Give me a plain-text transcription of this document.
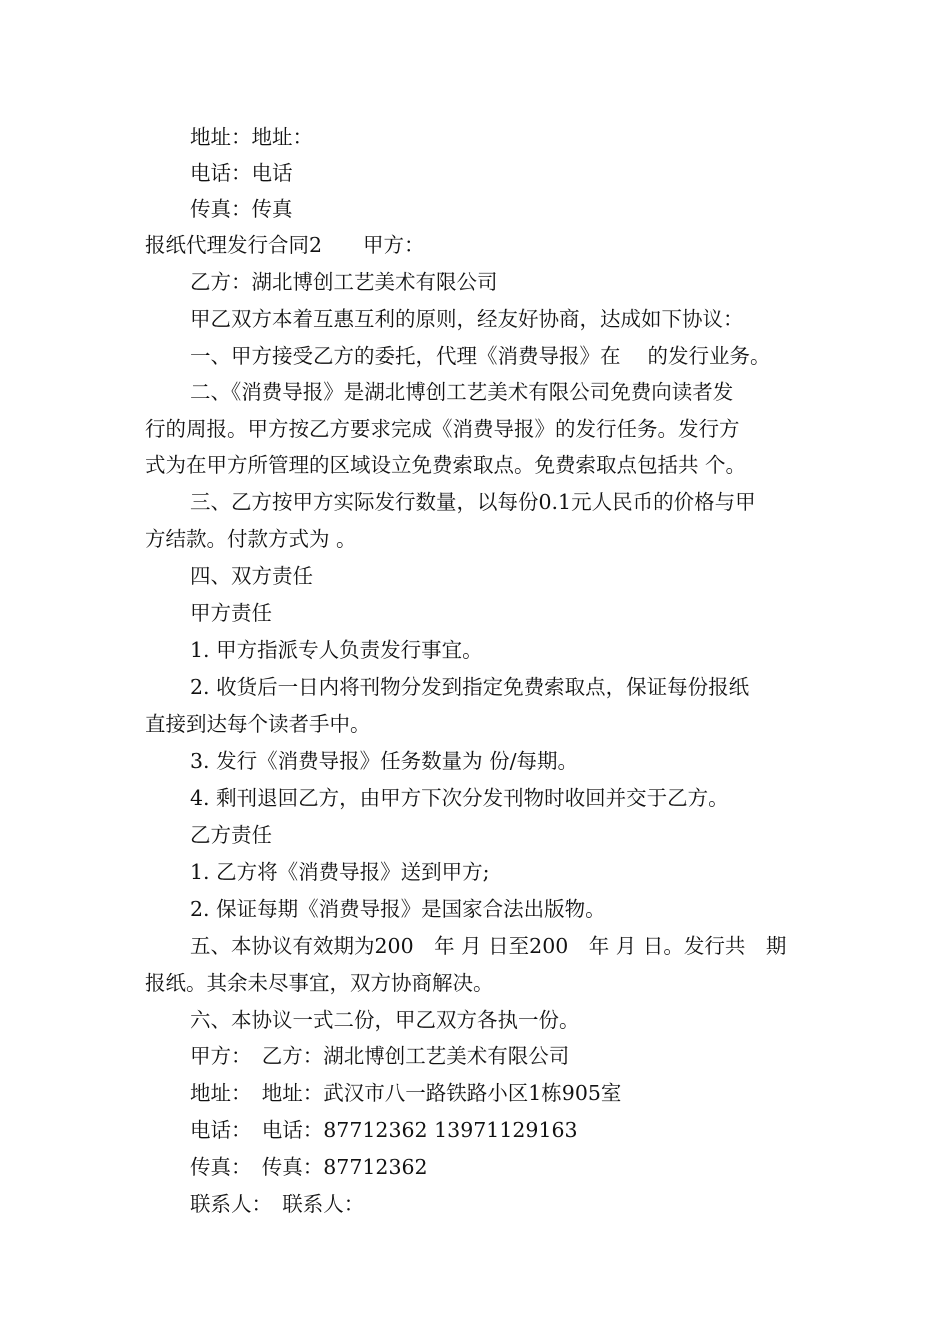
地址：地址：
电话：电话
传真：传真
报纸代理发行合同2　　甲方：
乙方：湖北博创工艺美术有限公司
甲乙双方本着互惠互利的原则，经友好协商，达成如下协议：
一、甲方接受乙方的委托，代理《消费导报》在　 的发行业务。
二、《消费导报》是湖北博创工艺美术有限公司免费向读者发
行的周报。甲方按乙方要求完成《消费导报》的发行任务。发行方
式为在甲方所管理的区域设立免费索取点。免费索取点包括共 个。
三、乙方按甲方实际发行数量，以每份0.1元人民币的价格与甲
方结款。付款方式为 。
四、双方责任
甲方责任
1. 甲方指派专人负责发行事宜。
2. 收货后一日内将刊物分发到指定免费索取点，保证每份报纸
直接到达每个读者手中。
3. 发行《消费导报》任务数量为 份/每期。
4. 剩刊退回乙方，由甲方下次分发刊物时收回并交于乙方。
乙方责任
1. 乙方将《消费导报》送到甲方;
2. 保证每期《消费导报》是国家合法出版物。
五、本协议有效期为200　年 月 日至200　年 月 日。发行共　期
报纸。其余未尽事宜，双方协商解决。
六、本协议一式二份，甲乙双方各执一份。
甲方：　乙方：湖北博创工艺美术有限公司
地址：　地址：武汉市八一路铁路小区1栋905室
电话：　电话：87712362 13971129163
传真：　传真：87712362
联系人：　联系人：
